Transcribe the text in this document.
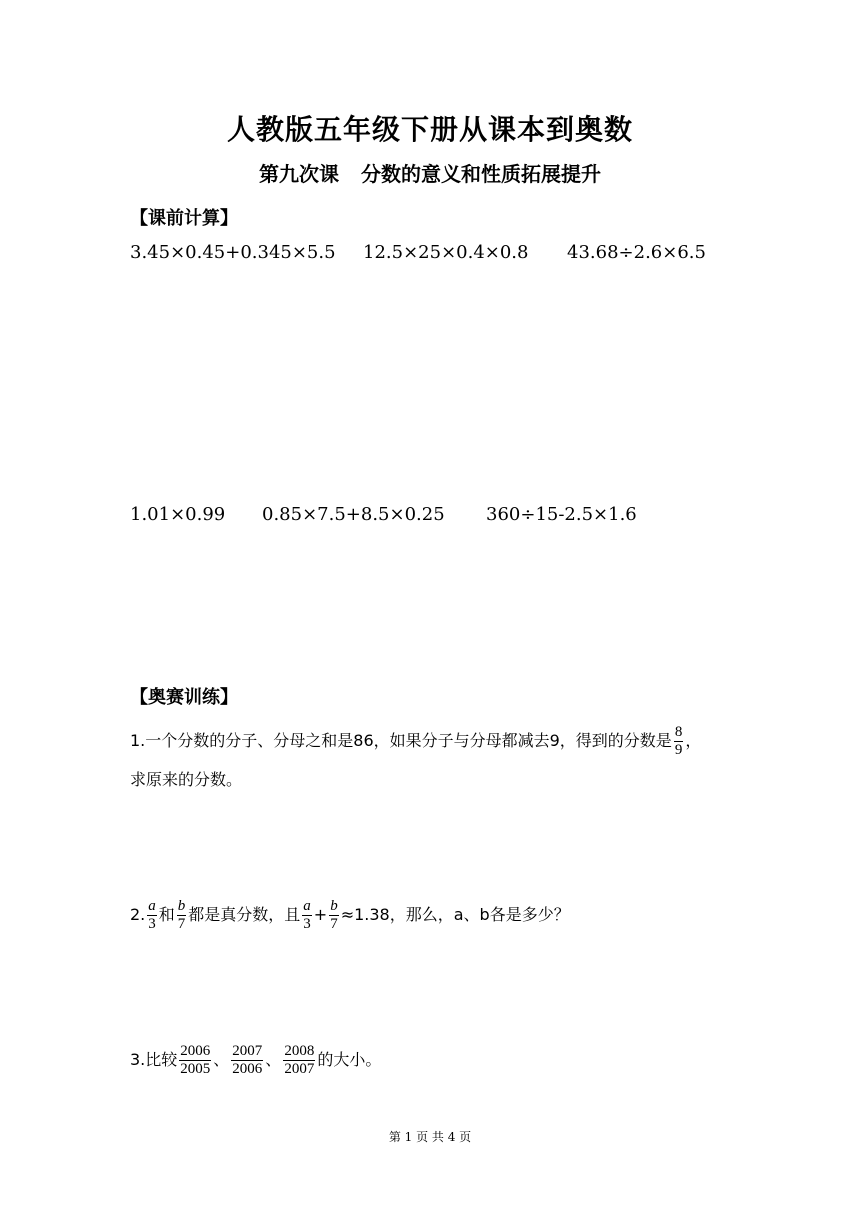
人教版五年级下册从课本到奥数
第九次课 分数的意义和性质拓展提升
【课前计算】
3.45×0.45+0.345×5.5 12.5×25×0.4×0.8 43.68÷2.6×6.5
1.01×0.99 0.85×7.5+8.5×0.25 360÷15-2.5×1.6
【奥赛训练】
1.一个分数的分子、分母之和是86，如果分子与分母都减去9，得到的分数是 $\frac{8}{9}$ ，
求原来的分数。
2. $\frac{a}{3}$ 和 $\frac{b}{7}$ 都是真分数，且 $\frac{a}{3} + \frac{b}{7} \approx 1.38$，那么，a、b各是多少？
3.比较 $\frac{2006}{2005}$ 、 $\frac{2007}{2006}$ 、 $\frac{2008}{2007}$ 的大小。
第 1 页 共 4 页
